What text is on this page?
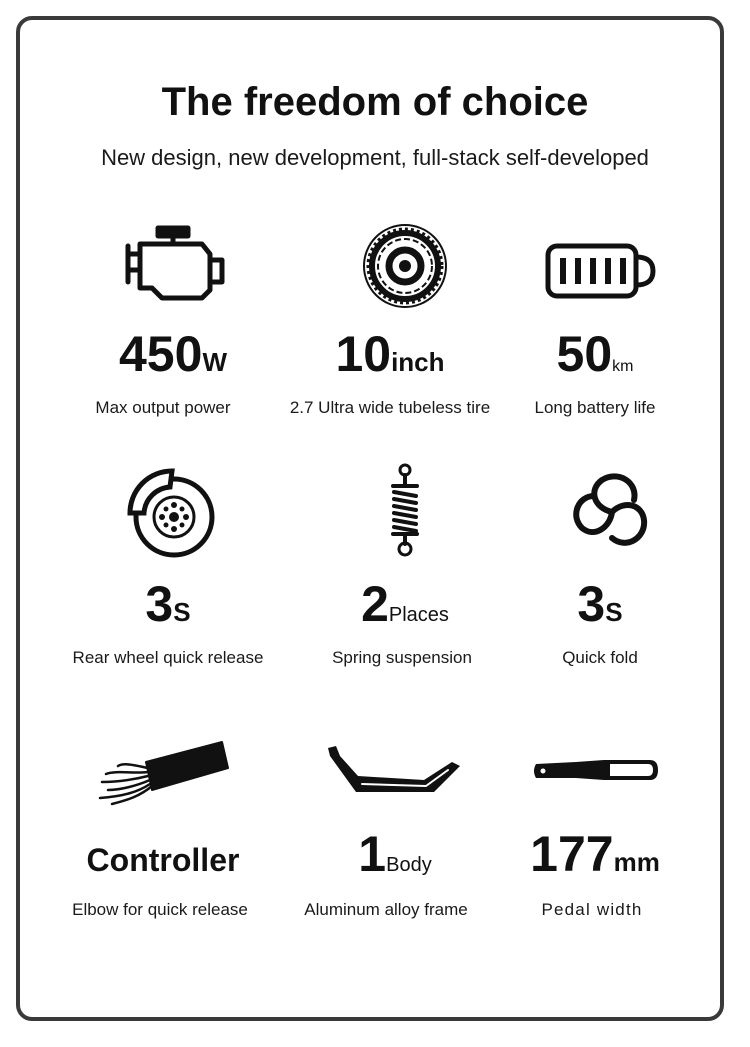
The freedom of choice
New design, new development, full-stack self-developed
450W
Max output power
10inch
2.7 Ultra wide tubeless tire
50km
Long battery life
3S
Rear wheel quick release
2Places
Spring suspension
3S
Quick fold
Controller
Elbow for quick release
1Body
Aluminum alloy frame
177mm
Pedal width
